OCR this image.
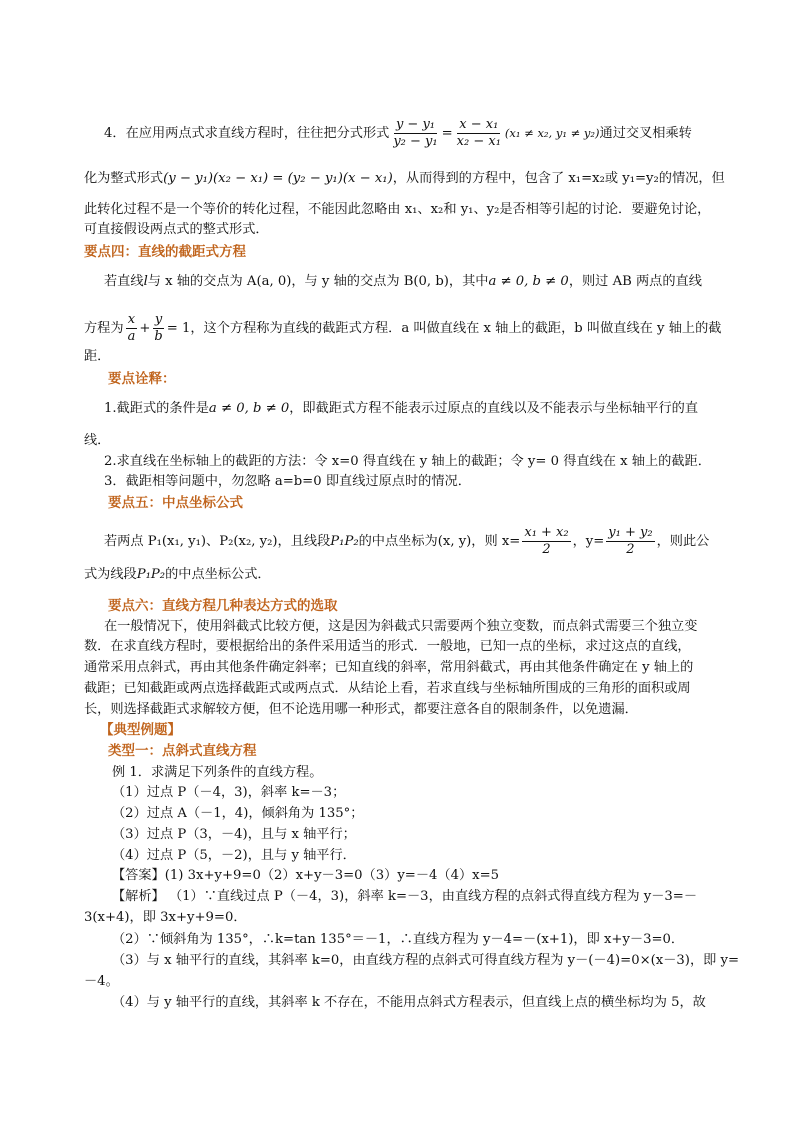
4．在应用两点式求直线方程时，往往把分式形式 $\frac{\text{y − y₁}}{\text{y₂ − y₁}} = \frac{\text{x − x₁}}{\text{x₂ − x₁}} (x_1 \ne x_2$, y₁ ≠ y₂)通过交叉相乘转
化为整式形式(y − y₁)(x₂ − x₁) = (y₂ − y₁)(x − x₁)，从而得到的方程中，包含了 x₁=x₂或 y₁=y₂的情况，但
此转化过程不是一个等价的转化过程，不能因此忽略由 x₁、x₂和 y₁、y₂是否相等引起的讨论．要避免讨论，
可直接假设两点式的整式形式．
要点四：直线的截距式方程
若直线l与 x 轴的交点为 A(a, 0)，与 y 轴的交点为 B(0, b)，其中a ≠ 0, b ≠ 0，则过 AB 两点的直线
方程为 $\frac{x}{a} + \frac{y}{b} = 1$，这个方程称为直线的截距式方程．a 叫做直线在 x 轴上的截距，b 叫做直线在 y 轴上的截
距．
要点诠释：
1.截距式的条件是a ≠ 0, b ≠ 0，即截距式方程不能表示过原点的直线以及不能表示与坐标轴平行的直
线．
2.求直线在坐标轴上的截距的方法：令 x=0 得直线在 y 轴上的截距；令 y= 0 得直线在 x 轴上的截距．
3．截距相等问题中，勿忽略 a=b=0 即直线过原点时的情况．
要点五：中点坐标公式
若两点 P₁(x₁, y₁)、P₂(x₂, y₂)，且线段P₁P₂的中点坐标为(x, y)，则 $x= \frac{\text{x₁ + x₂}}{2}$ ，$y= \frac{\text{y₁ + y₂}}{2}$ ，则此公
式为线段P₁P₂的中点坐标公式．
要点六：直线方程几种表达方式的选取
在一般情况下，使用斜截式比较方便，这是因为斜截式只需要两个独立变数，而点斜式需要三个独立变
数．在求直线方程时，要根据给出的条件采用适当的形式．一般地，已知一点的坐标，求过这点的直线，
通常采用点斜式，再由其他条件确定斜率；已知直线的斜率，常用斜截式，再由其他条件确定在 y 轴上的
截距；已知截距或两点选择截距式或两点式．从结论上看，若求直线与坐标轴所围成的三角形的面积或周
长，则选择截距式求解较方便，但不论选用哪一种形式，都要注意各自的限制条件，以免遗漏．
【典型例题】
类型一：点斜式直线方程
例 1．求满足下列条件的直线方程。
（1）过点 P（－4，3)，斜率 k=－3；
（2）过点 A（－1，4)，倾斜角为 135°；
（3）过点 P（3，－4)，且与 x 轴平行；
（4）过点 P（5，－2)，且与 y 轴平行．
【答案】(1) 3x+y+9=0（2）x+y－3=0（3）y=－4（4）x=5
【解析】 （1）∵直线过点 P（－4，3)，斜率 k=－3，由直线方程的点斜式得直线方程为 y－3=－
3(x+4)，即 3x+y+9=0．
（2）∵倾斜角为 135°，∴k=tan 135°＝－1，∴直线方程为 y－4=－(x+1)，即 x+y－3=0．
（3）与 x 轴平行的直线，其斜率 k=0，由直线方程的点斜式可得直线方程为 y－(－4)=0×(x－3)，即 y=
－4。
（4）与 y 轴平行的直线，其斜率 k 不存在，不能用点斜式方程表示，但直线上点的横坐标均为 5，故
